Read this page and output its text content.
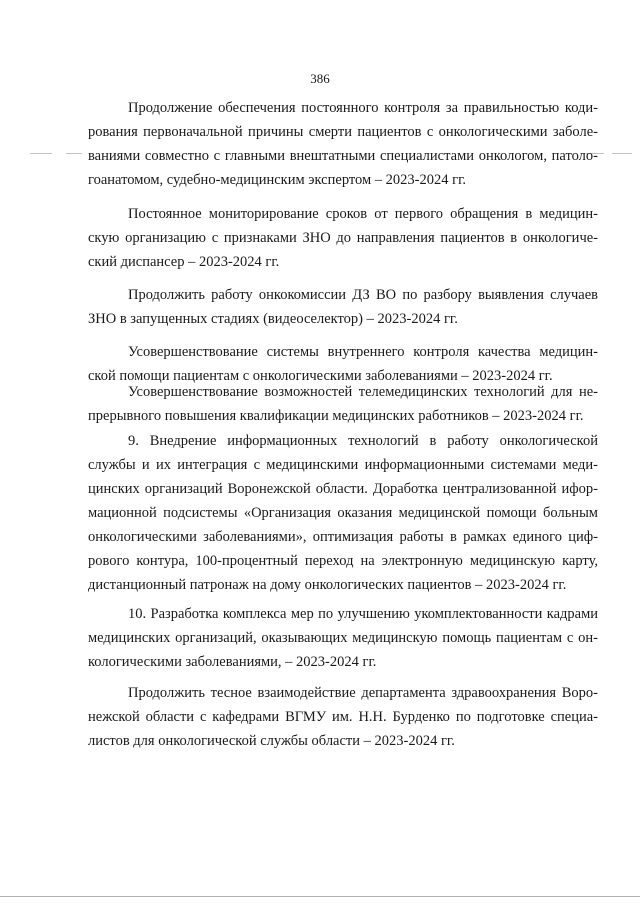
386
Продолжение обеспечения постоянного контроля за правильностью коди-
рования первоначальной причины смерти пациентов с онкологическими заболе-
ваниями совместно с главными внештатными специалистами онкологом, патоло-
гоанатомом, судебно-медицинским экспертом – 2023-2024 гг.
Постоянное мониторирование сроков от первого обращения в медицин-
скую организацию с признаками ЗНО до направления пациентов в онкологиче-
ский диспансер – 2023-2024 гг.
Продолжить работу онкокомиссии ДЗ ВО по разбору выявления случаев
ЗНО в запущенных стадиях (видеоселектор) – 2023-2024 гг.
Усовершенствование системы внутреннего контроля качества медицин-
ской помощи пациентам с онкологическими заболеваниями – 2023-2024 гг.
Усовершенствование возможностей телемедицинских технологий для не-
прерывного повышения квалификации медицинских работников – 2023-2024 гг.
9. Внедрение информационных технологий в работу онкологической
службы и их интеграция с медицинскими информационными системами меди-
цинских организаций Воронежской области. Доработка централизованной ифор-
мационной подсистемы «Организация оказания медицинской помощи больным
онкологическими заболеваниями», оптимизация работы в рамках единого циф-
рового контура, 100-процентный переход на электронную медицинскую карту,
дистанционный патронаж на дому онкологических пациентов – 2023-2024 гг.
10. Разработка комплекса мер по улучшению укомплектованности кадрами
медицинских организаций, оказывающих медицинскую помощь пациентам с он-
кологическими заболеваниями, – 2023-2024 гг.
Продолжить тесное взаимодействие департамента здравоохранения Воро-
нежской области с кафедрами ВГМУ им. Н.Н. Бурденко по подготовке специа-
листов для онкологической службы области – 2023-2024 гг.
